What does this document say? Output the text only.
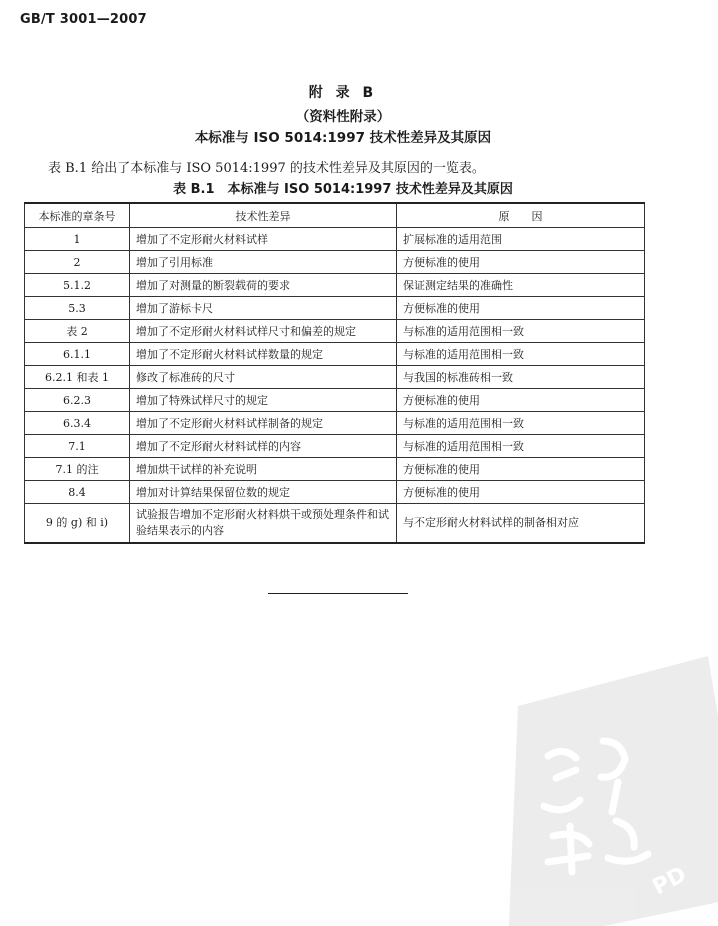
GB/T 3001—2007
附 录 B
（资料性附录）
本标准与 ISO 5014:1997 技术性差异及其原因
表 B.1 给出了本标准与 ISO 5014:1997 的技术性差异及其原因的一览表。
表 B.1　本标准与 ISO 5014:1997 技术性差异及其原因
本标准的章条号	技术性差异	原　　因
1	增加了不定形耐火材料试样	扩展标准的适用范围
2	增加了引用标准	方便标准的使用
5.1.2	增加了对测量的断裂载荷的要求	保证测定结果的准确性
5.3	增加了游标卡尺	方便标准的使用
表 2	增加了不定形耐火材料试样尺寸和偏差的规定	与标准的适用范围相一致
6.1.1	增加了不定形耐火材料试样数量的规定	与标准的适用范围相一致
6.2.1 和表 1	修改了标准砖的尺寸	与我国的标准砖相一致
6.2.3	增加了特殊试样尺寸的规定	方便标准的使用
6.3.4	增加了不定形耐火材料试样制备的规定	与标准的适用范围相一致
7.1	增加了不定形耐火材料试样的内容	与标准的适用范围相一致
7.1 的注	增加烘干试样的补充说明	方便标准的使用
8.4	增加对计算结果保留位数的规定	方便标准的使用
9 的 g) 和 i)	试验报告增加不定形耐火材料烘干或预处理条件和试验结果表示的内容	与不定形耐火材料试样的制备相对应
PD
